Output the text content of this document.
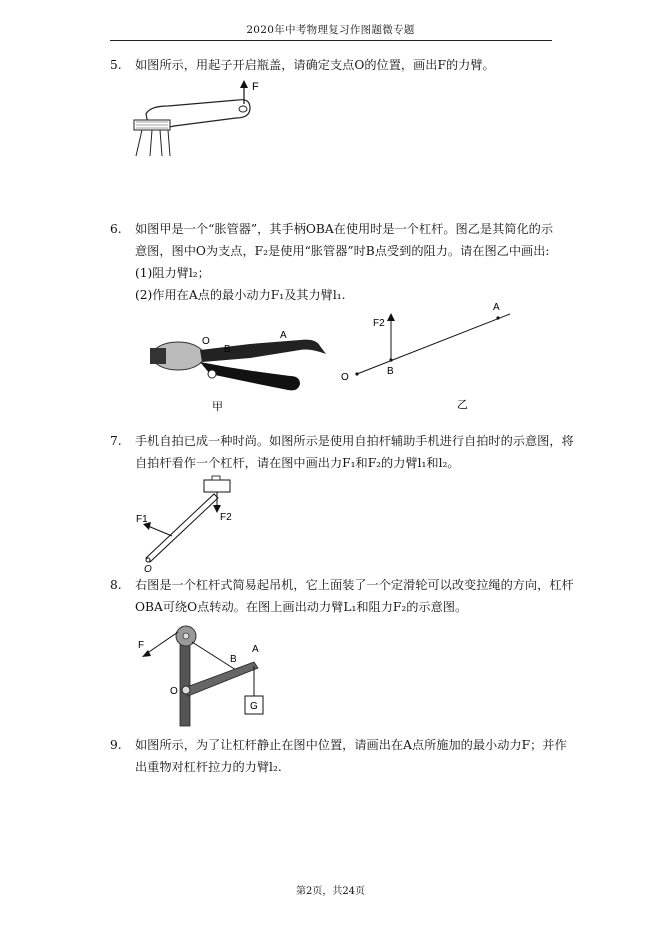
2020年中考物理复习作图题微专题
5. 如图所示，用起子开启瓶盖，请确定支点O的位置，画出F的力臂。
F
6. 如图甲是一个“胀管器”，其手柄OBA在使用时是一个杠杆。图乙是其简化的示
意图，图中O为支点，F₂是使用“胀管器”时B点受到的阻力。请在图乙中画出:
(1)阻力臂l₂；
(2)作用在A点的最小动力F₁及其力臂l₁.
O
B
A
甲
F2
A
B
O
乙
7. 手机自拍已成一种时尚。如图所示是使用自拍杆辅助手机进行自拍时的示意图，将
自拍杆看作一个杠杆，请在图中画出力F₁和F₂的力臂l₁和l₂。
F1	F2
O
8. 右图是一个杠杆式简易起吊机，它上面装了一个定滑轮可以改变拉绳的方向，杠杆
OBA可绕O点转动。在图上画出动力臂L₁和阻力F₂的示意图。
F
G
B
A
O
9. 如图所示，为了让杠杆静止在图中位置，请画出在A点所施加的最小动力F；并作
出重物对杠杆拉力的力臂l₂.
第2页，共24页
